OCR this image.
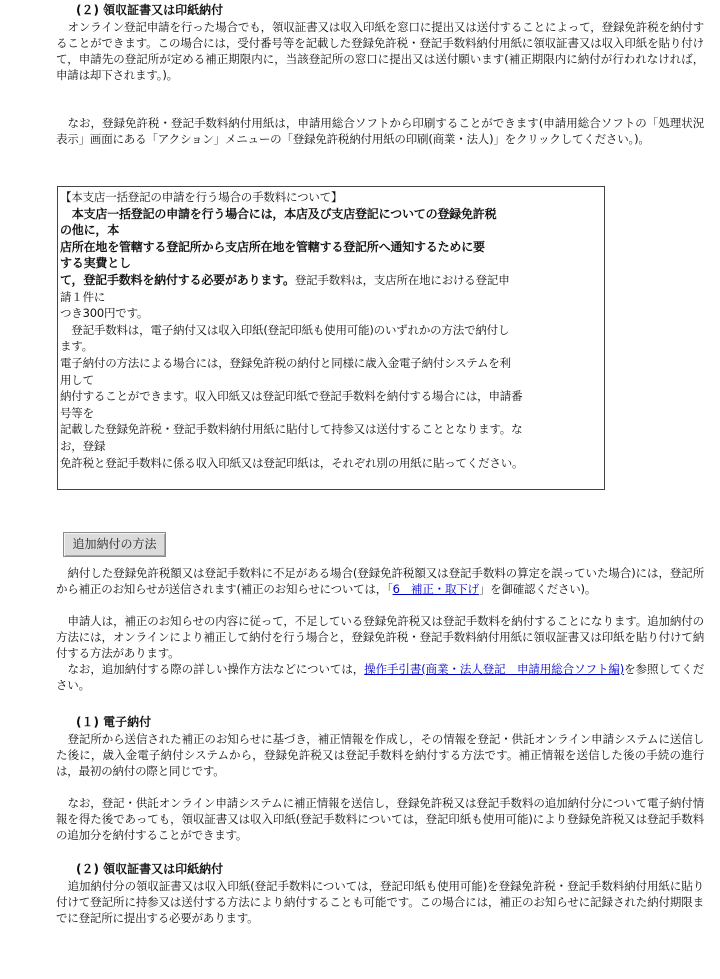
(２) 領収証書又は印紙納付

オンライン登記申請を行った場合でも，領収証書又は収入印紙を窓口に提出又は送付することによって，登録免許税を納付することができます。この場合には，受付番号等を記載した登録免許税・登記手数料納付用紙に領収証書又は収入印紙を貼り付けて，申請先の登記所が定める補正期限内に，当該登記所の窓口に提出又は送付願います(補正期限内に納付が行われなければ，申請は却下されます。)。

なお，登録免許税・登記手数料納付用紙は，申請用総合ソフトから印刷することができます(申請用総合ソフトの「処理状況表示」画面にある「アクション」メニューの「登録免許税納付用紙の印刷(商業・法人)」をクリックしてください。)。

【本支店一括登記の申請を行う場合の手数料について】
　本支店一括登記の申請を行う場合には，本店及び支店登記についての登録免許税
の他に，本
店所在地を管轄する登記所から支店所在地を管轄する登記所へ通知するために要
する実費とし
て，登記手数料を納付する必要があります。登記手数料は，支店所在地における登記申
請１件に
つき300円です。
　登記手数料は，電子納付又は収入印紙(登記印紙も使用可能)のいずれかの方法で納付し
ます。
電子納付の方法による場合には，登録免許税の納付と同様に歳入金電子納付システムを利
用して
納付することができます。収入印紙又は登記印紙で登記手数料を納付する場合には，申請番
号等を
記載した登録免許税・登記手数料納付用紙に貼付して持参又は送付することとなります。な
お，登録
免許税と登記手数料に係る収入印紙又は登記印紙は，それぞれ別の用紙に貼ってください。
追加納付の方法

納付した登録免許税額又は登記手数料に不足がある場合(登録免許税額又は登記手数料の算定を誤っていた場合)には，登記所から補正のお知らせが送信されます(補正のお知らせについては，「6　補正・取下げ」を御確認ください)。

申請人は，補正のお知らせの内容に従って，不足している登録免許税又は登記手数料を納付することになります。追加納付の方法には，オンラインにより補正して納付を行う場合と，登録免許税・登記手数料納付用紙に領収証書又は印紙を貼り付けて納付する方法があります。

なお，追加納付する際の詳しい操作方法などについては，操作手引書(商業・法人登記　申請用総合ソフト編)を参照してください。

(１) 電子納付

登記所から送信された補正のお知らせに基づき，補正情報を作成し，その情報を登記・供託オンライン申請システムに送信した後に，歳入金電子納付システムから，登録免許税又は登記手数料を納付する方法です。補正情報を送信した後の手続の進行は，最初の納付の際と同じです。

なお，登記・供託オンライン申請システムに補正情報を送信し，登録免許税又は登記手数料の追加納付分について電子納付情報を得た後であっても，領収証書又は収入印紙(登記手数料については，登記印紙も使用可能)により登録免許税又は登記手数料の追加分を納付することができます。

(２) 領収証書又は印紙納付

追加納付分の領収証書又は収入印紙(登記手数料については，登記印紙も使用可能)を登録免許税・登記手数料納付用紙に貼り付けて登記所に持参又は送付する方法により納付することも可能です。この場合には，補正のお知らせに記録された納付期限までに登記所に提出する必要があります。
